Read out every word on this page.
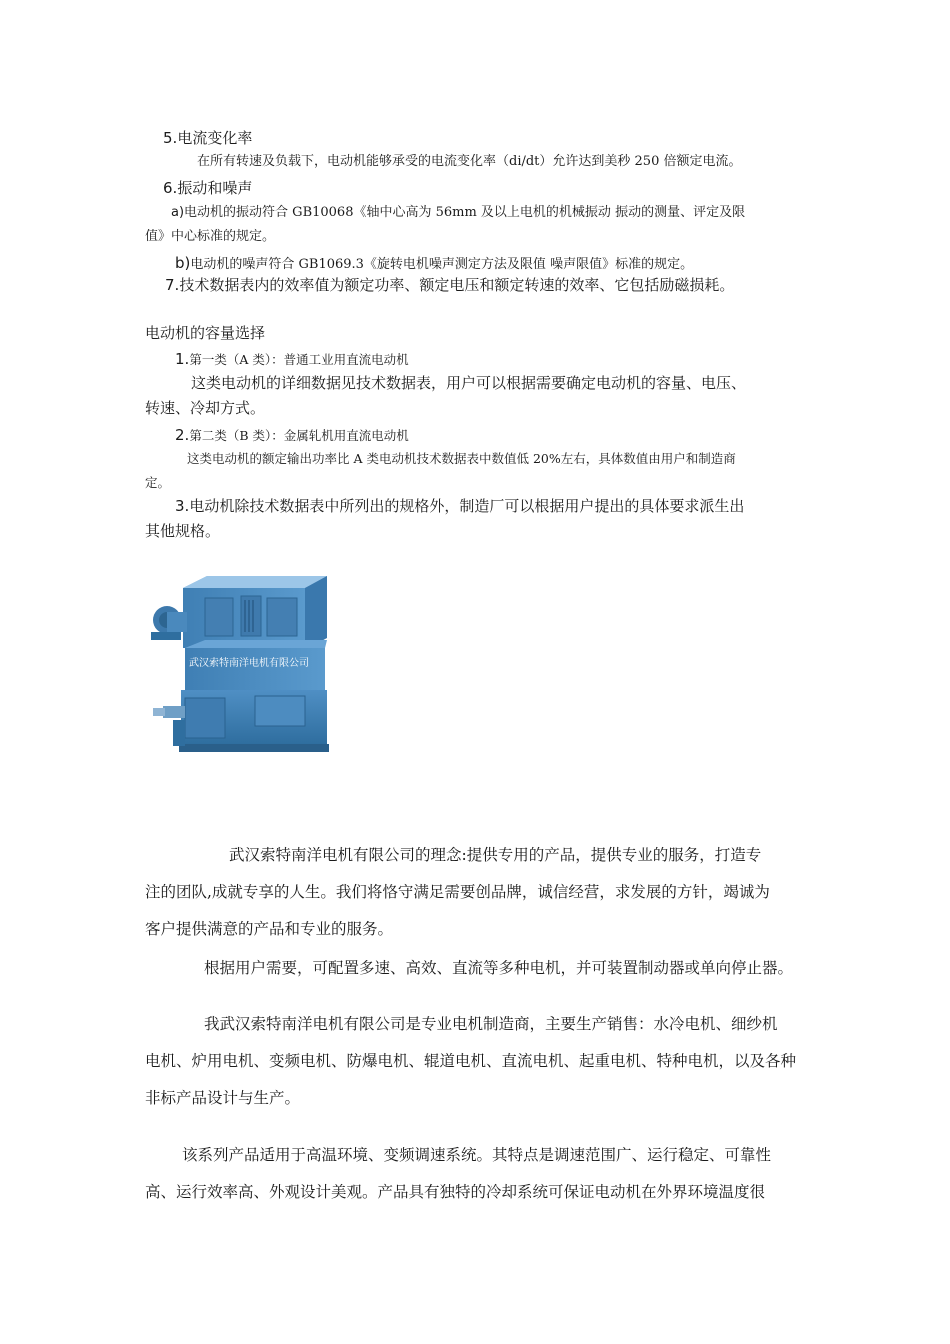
5.电流变化率
在所有转速及负载下，电动机能够承受的电流变化率（di/dt）允许达到美秒 250 倍额定电流。
6.振动和噪声
a)电动机的振动符合 GB10068《轴中心高为 56mm 及以上电机的机械振动 振动的测量、评定及限
值》中心标准的规定。
b)电动机的噪声符合 GB1069.3《旋转电机噪声测定方法及限值 噪声限值》标准的规定。
7.技术数据表内的效率值为额定功率、额定电压和额定转速的效率、它包括励磁损耗。
电动机的容量选择
1.第一类（A 类）：普通工业用直流电动机
这类电动机的详细数据见技术数据表，用户可以根据需要确定电动机的容量、电压、
转速、冷却方式。
2.第二类（B 类）：金属轧机用直流电动机
这类电动机的额定输出功率比 A 类电动机技术数据表中数值低 20%左右，具体数值由用户和制造商
定。
3.电动机除技术数据表中所列出的规格外，制造厂可以根据用户提出的具体要求派生出
其他规格。
武汉索特南洋电机有限公司
武汉索特南洋电机有限公司的理念:提供专用的产品，提供专业的服务，打造专
注的团队,成就专享的人生。我们将恪守满足需要创品牌，诚信经营，求发展的方针，竭诚为
客户提供满意的产品和专业的服务。
根据用户需要，可配置多速、高效、直流等多种电机，并可装置制动器或单向停止器。
我武汉索特南洋电机有限公司是专业电机制造商，主要生产销售：水冷电机、细纱机
电机、炉用电机、变频电机、防爆电机、辊道电机、直流电机、起重电机、特种电机，以及各种
非标产品设计与生产。
该系列产品适用于高温环境、变频调速系统。其特点是调速范围广、运行稳定、可靠性
高、运行效率高、外观设计美观。产品具有独特的冷却系统可保证电动机在外界环境温度很
